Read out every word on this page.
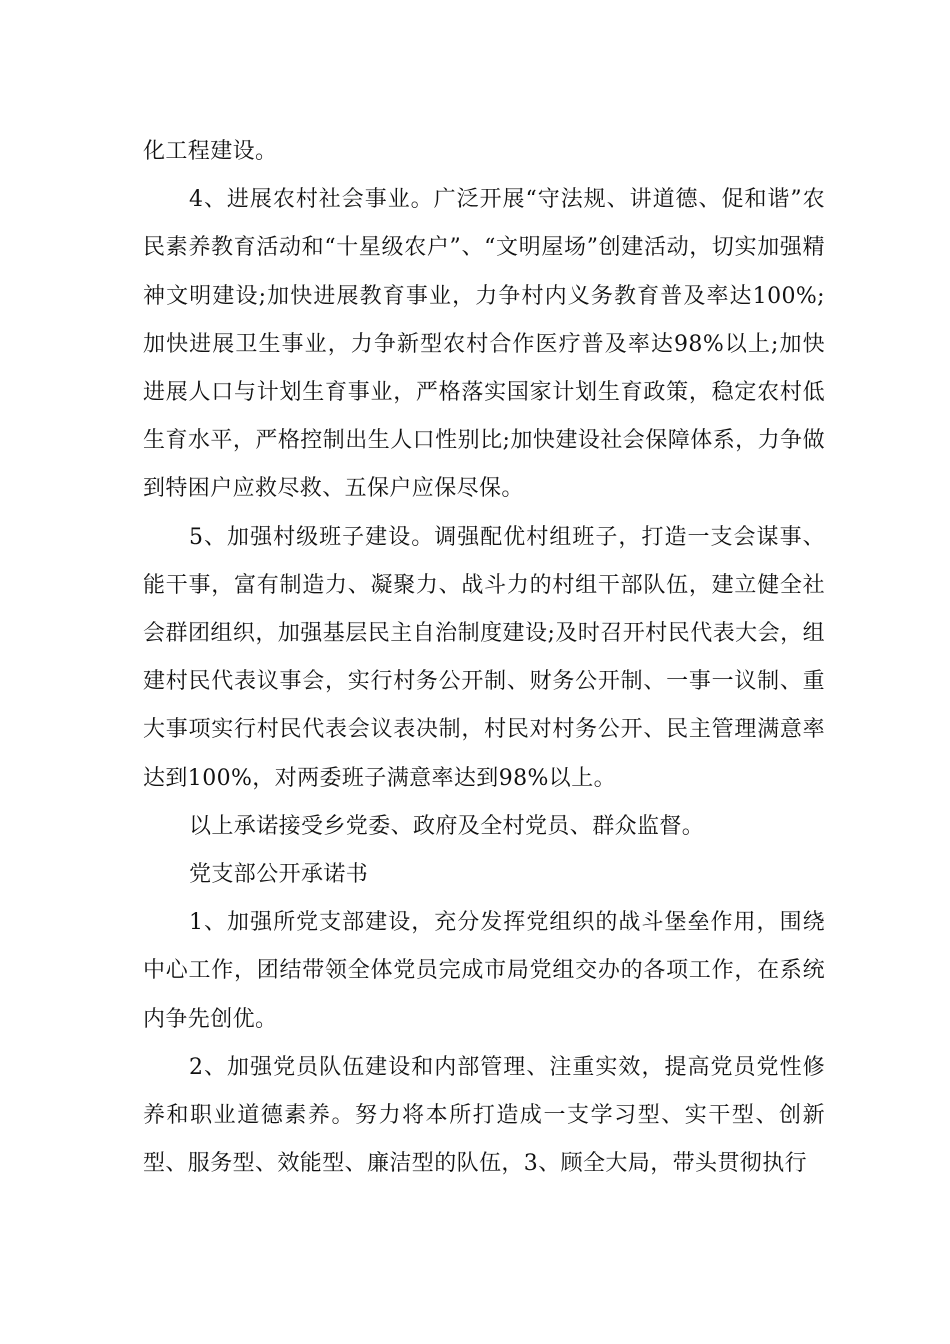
化工程建设。

4、进展农村社会事业。广泛开展“守法规、讲道德、促和谐”农民素养教育活动和“十星级农户”、“文明屋场”创建活动，切实加强精神文明建设;加快进展教育事业，力争村内义务教育普及率达100%;加快进展卫生事业，力争新型农村合作医疗普及率达98%以上;加快进展人口与计划生育事业，严格落实国家计划生育政策，稳定农村低生育水平，严格控制出生人口性别比;加快建设社会保障体系，力争做到特困户应救尽救、五保户应保尽保。

5、加强村级班子建设。调强配优村组班子，打造一支会谋事、能干事，富有制造力、凝聚力、战斗力的村组干部队伍，建立健全社会群团组织，加强基层民主自治制度建设;及时召开村民代表大会，组建村民代表议事会，实行村务公开制、财务公开制、一事一议制、重大事项实行村民代表会议表决制，村民对村务公开、民主管理满意率达到100%，对两委班子满意率达到98%以上。

以上承诺接受乡党委、政府及全村党员、群众监督。

党支部公开承诺书

1、加强所党支部建设，充分发挥党组织的战斗堡垒作用，围绕中心工作，团结带领全体党员完成市局党组交办的各项工作，在系统内争先创优。

2、加强党员队伍建设和内部管理、注重实效，提高党员党性修养和职业道德素养。努力将本所打造成一支学习型、实干型、创新型、服务型、效能型、廉洁型的队伍，3、顾全大局，带头贯彻执行
